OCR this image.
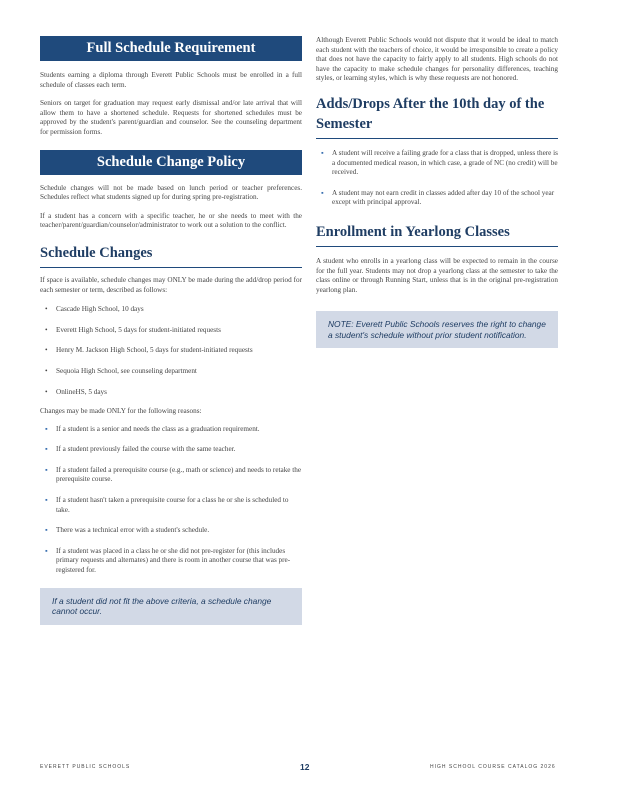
Full Schedule Requirement
Students earning a diploma through Everett Public Schools must be enrolled in a full schedule of classes each term.
Seniors on target for graduation may request early dismissal and/or late arrival that will allow them to have a shortened schedule. Requests for shortened schedules must be approved by the student's parent/guardian and counselor. See the counseling department for permission forms.
Schedule Change Policy
Schedule changes will not be made based on lunch period or teacher preferences. Schedules reflect what students signed up for during spring pre-registration.
If a student has a concern with a specific teacher, he or she needs to meet with the teacher/parent/guardian/counselor/administrator to work out a solution to the conflict.
Schedule Changes
If space is available, schedule changes may ONLY be made during the add/drop period for each semester or term, described as follows:
• Cascade High School, 10 days
• Everett High School, 5 days for student-initiated requests
• Henry M. Jackson High School, 5 days for student-initiated requests
• Sequoia High School, see counseling department
• OnlineHS, 5 days
Changes may be made ONLY for the following reasons:
▪ If a student is a senior and needs the class as a graduation requirement.
▪ If a student previously failed the course with the same teacher.
▪ If a student failed a prerequisite course (e.g., math or science) and needs to retake the prerequisite course.
▪ If a student hasn't taken a prerequisite course for a class he or she is scheduled to take.
▪ There was a technical error with a student's schedule.
▪ If a student was placed in a class he or she did not pre-register for (this includes primary requests and alternates) and there is room in another course that was pre-registered for.
If a student did not fit the above criteria, a schedule change cannot occur.
Although Everett Public Schools would not dispute that it would be ideal to match each student with the teachers of choice, it would be irresponsible to create a policy that does not have the capacity to fairly apply to all students. High schools do not have the capacity to make schedule changes for personality differences, teaching styles, or learning styles, which is why these requests are not honored.
Adds/Drops After the 10th day of the Semester
▪ A student will receive a failing grade for a class that is dropped, unless there is a documented medical reason, in which case, a grade of NC (no credit) will be received.
▪ A student may not earn credit in classes added after day 10 of the school year except with principal approval.
Enrollment in Yearlong Classes
A student who enrolls in a yearlong class will be expected to remain in the course for the full year. Students may not drop a yearlong class at the semester to take the class online or through Running Start, unless that is in the original pre-registration yearlong plan.
NOTE: Everett Public Schools reserves the right to change a student's schedule without prior student notification.
EVERETT PUBLIC SCHOOLS	12	HIGH SCHOOL COURSE CATALOG 2026
